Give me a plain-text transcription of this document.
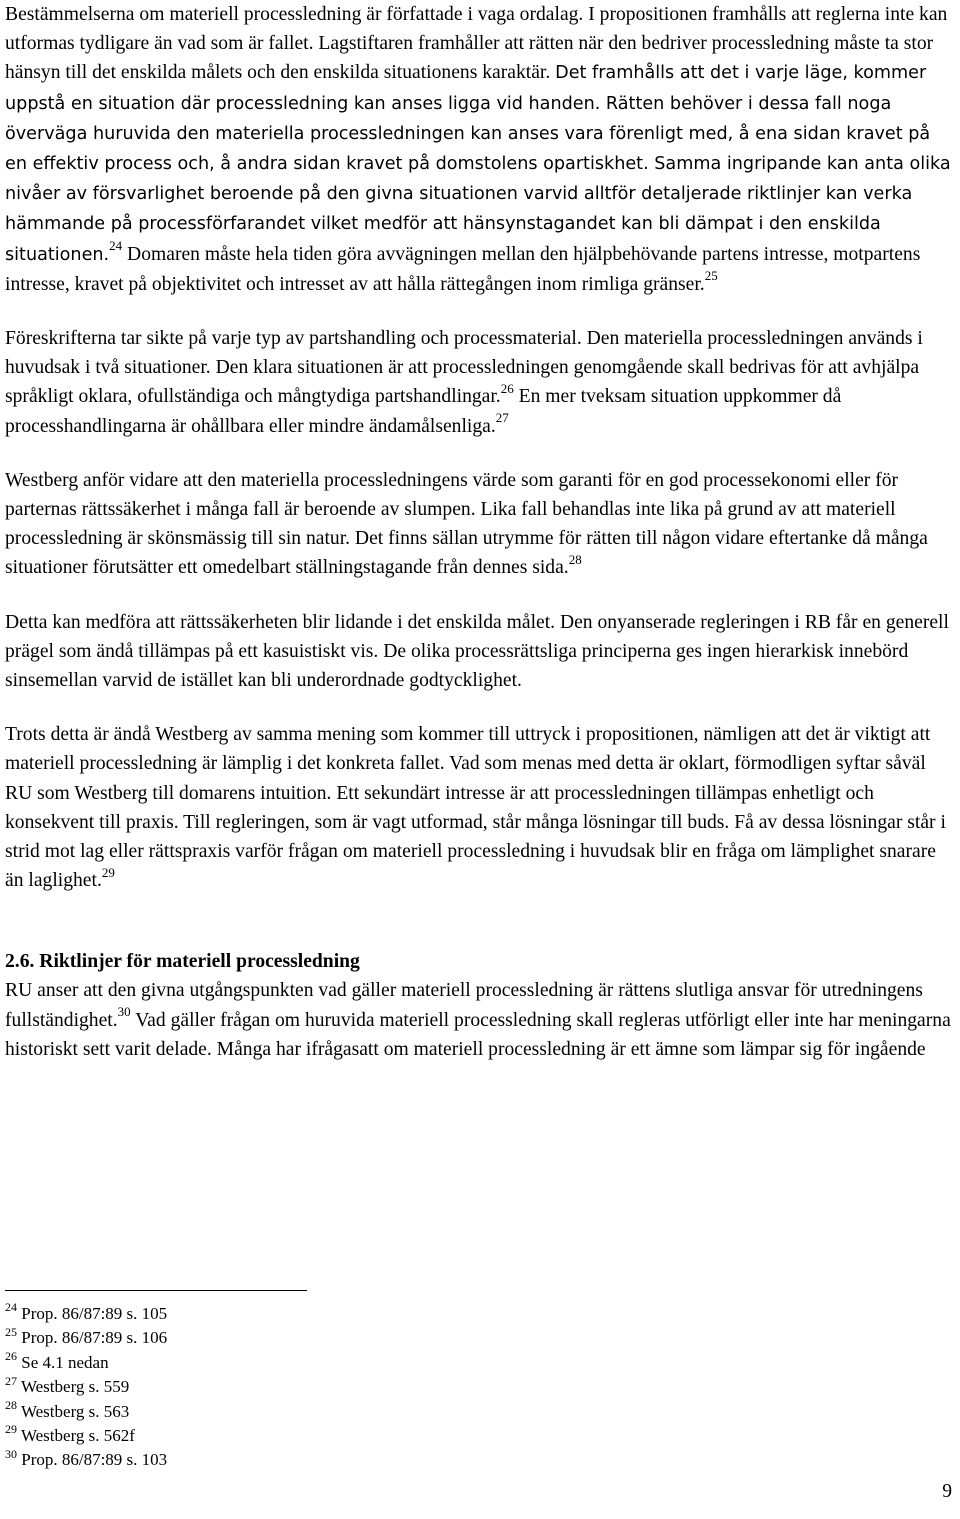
Bestämmelserna om materiell processledning är författade i vaga ordalag. I propositionen framhålls att reglerna inte kan utformas tydligare än vad som är fallet. Lagstiftaren framhåller att rätten när den bedriver processledning måste ta stor hänsyn till det enskilda målets och den enskilda situationens karaktär. Det framhålls att det i varje läge, kommer uppstå en situation där processledning kan anses ligga vid handen. Rätten behöver i dessa fall noga överväga huruvida den materiella processledningen kan anses vara förenligt med, å ena sidan kravet på en effektiv process och, å andra sidan kravet på domstolens opartiskhet. Samma ingripande kan anta olika nivåer av försvarlighet beroende på den givna situationen varvid alltför detaljerade riktlinjer kan verka hämmande på processförfarandet vilket medför att hänsynstagandet kan bli dämpat i den enskilda situationen.$^{24}$ Domaren måste hela tiden göra avvägningen mellan den hjälpbehövande partens intresse, motpartens intresse, kravet på objektivitet och intresset av att hålla rättegången inom rimliga gränser.$^{25}$

Föreskrifterna tar sikte på varje typ av partshandling och processmaterial. Den materiella processledningen används i huvudsak i två situationer. Den klara situationen är att processledningen genomgående skall bedrivas för att avhjälpa språkligt oklara, ofullständiga och mångtydiga partshandlingar.$^{26}$ En mer tveksam situation uppkommer då processhandlingarna är ohållbara eller mindre ändamålsenliga.$^{27}$

Westberg anför vidare att den materiella processledningens värde som garanti för en god processekonomi eller för parternas rättssäkerhet i många fall är beroende av slumpen. Lika fall behandlas inte lika på grund av att materiell processledning är skönsmässig till sin natur. Det finns sällan utrymme för rätten till någon vidare eftertanke då många situationer förutsätter ett omedelbart ställningstagande från dennes sida.$^{28}$

Detta kan medföra att rättssäkerheten blir lidande i det enskilda målet. Den onyanserade regleringen i RB får en generell prägel som ändå tillämpas på ett kasuistiskt vis. De olika processrättsliga principerna ges ingen hierarkisk innebörd sinsemellan varvid de istället kan bli underordnade godtycklighet.

Trots detta är ändå Westberg av samma mening som kommer till uttryck i propositionen, nämligen att det är viktigt att materiell processledning är lämplig i det konkreta fallet. Vad som menas med detta är oklart, förmodligen syftar såväl RU som Westberg till domarens intuition. Ett sekundärt intresse är att processledningen tillämpas enhetligt och konsekvent till praxis. Till regleringen, som är vagt utformad, står många lösningar till buds. Få av dessa lösningar står i strid mot lag eller rättspraxis varför frågan om materiell processledning i huvudsak blir en fråga om lämplighet snarare än laglighet.$^{29}$

2.6. Riktlinjer för materiell processledning

RU anser att den givna utgångspunkten vad gäller materiell processledning är rättens slutliga ansvar för utredningens fullständighet.$^{30}$ Vad gäller frågan om huruvida materiell processledning skall regleras utförligt eller inte har meningarna historiskt sett varit delade. Många har ifrågasatt om materiell processledning är ett ämne som lämpar sig för ingående

$^{24}$ Prop. 86/87:89 s. 105
$^{25}$ Prop. 86/87:89 s. 106
$^{26}$ Se 4.1 nedan
$^{27}$ Westberg s. 559
$^{28}$ Westberg s. 563
$^{29}$ Westberg s. 562f
$^{30}$ Prop. 86/87:89 s. 103
9
